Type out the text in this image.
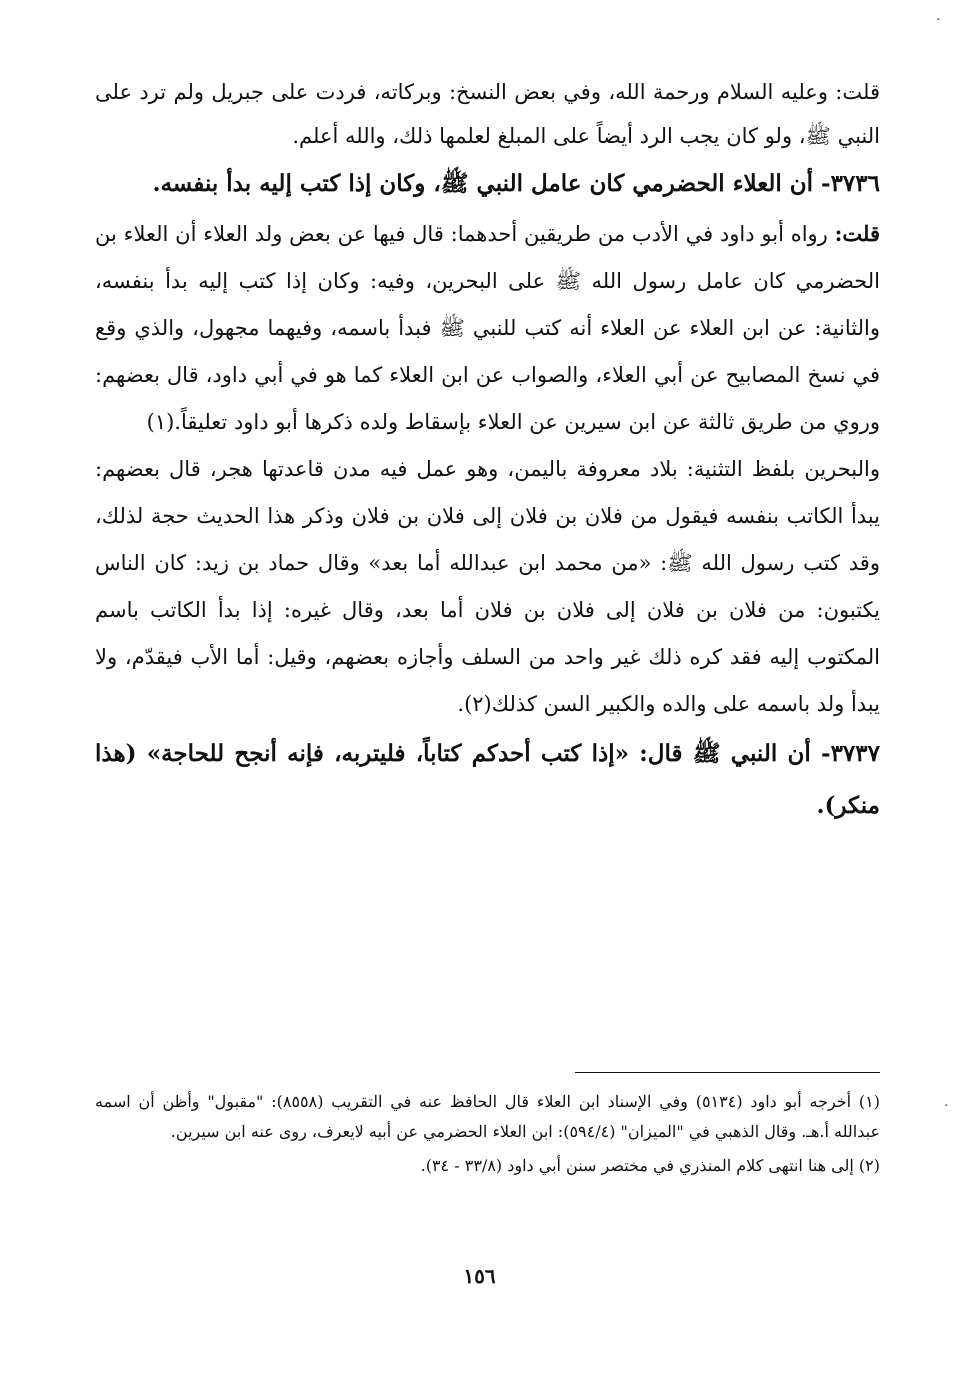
قلت: وعليه السلام ورحمة الله، وفي بعض النسخ: وبركاته، فردت على جبريل ولم ترد على النبي ﷺ، ولو كان يجب الرد أيضاً على المبلغ لعلمها ذلك، والله أعلم.

٣٧٣٦- أن العلاء الحضرمي كان عامل النبي ﷺ، وكان إذا كتب إليه بدأ بنفسه.

قلت: رواه أبو داود في الأدب من طريقين أحدهما: قال فيها عن بعض ولد العلاء أن العلاء بن الحضرمي كان عامل رسول الله ﷺ على البحرين، وفيه: وكان إذا كتب إليه بدأ بنفسه، والثانية: عن ابن العلاء عن العلاء أنه كتب للنبي ﷺ فبدأ باسمه، وفيهما مجهول، والذي وقع في نسخ المصابيح عن أبي العلاء، والصواب عن ابن العلاء كما هو في أبي داود، قال بعضهم: وروي من طريق ثالثة عن ابن سيرين عن العلاء بإسقاط ولده ذكرها أبو داود تعليقاً.(١)

والبحرين بلفظ التثنية: بلاد معروفة باليمن، وهو عمل فيه مدن قاعدتها هجر، قال بعضهم: يبدأ الكاتب بنفسه فيقول من فلان بن فلان إلى فلان بن فلان وذكر هذا الحديث حجة لذلك، وقد كتب رسول الله ﷺ: «من محمد ابن عبدالله أما بعد» وقال حماد بن زيد: كان الناس يكتبون: من فلان بن فلان إلى فلان بن فلان أما بعد، وقال غيره: إذا بدأ الكاتب باسم المكتوب إليه فقد كره ذلك غير واحد من السلف وأجازه بعضهم، وقيل: أما الأب فيقدّم، ولا يبدأ ولد باسمه على والده والكبير السن كذلك(٢).

٣٧٣٧- أن النبي ﷺ قال: «إذا كتب أحدكم كتاباً، فليتربه، فإنه أنجح للحاجة» (هذا منكر).

(١) أخرجه أبو داود (٥١٣٤) وفي الإسناد ابن العلاء قال الحافظ عنه في التقريب (٨٥٥٨): "مقبول" وأظن أن اسمه عبدالله أ.هـ. وقال الذهبي في "الميزان" (٥٩٤/٤): ابن العلاء الحضرمي عن أبيه لايعرف، روى عنه ابن سيرين.

(٢) إلى هنا انتهى كلام المنذري في مختصر سنن أبي داود (٣٣/٨ - ٣٤).

١٥٦
·
·
